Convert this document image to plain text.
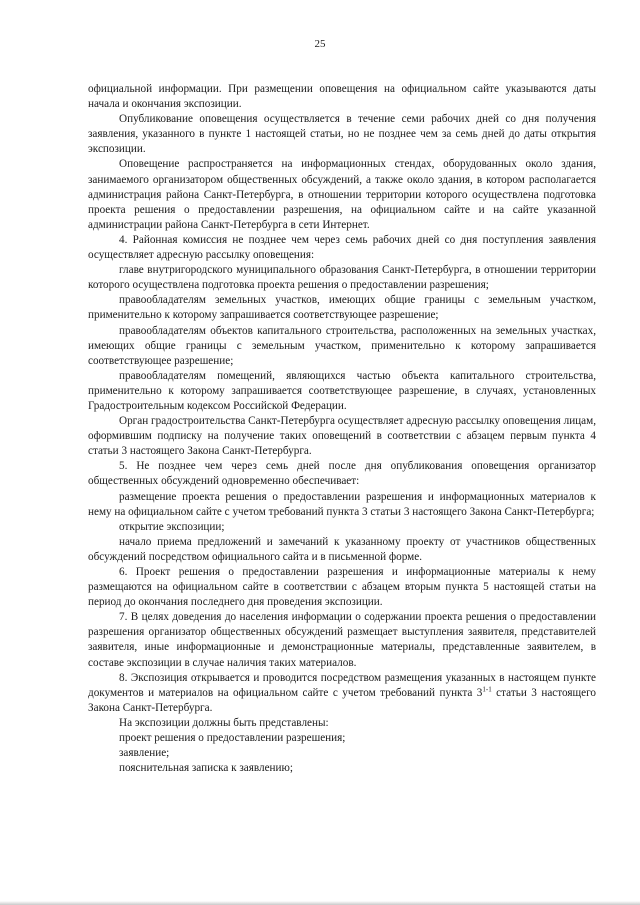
25

официальной информации. При размещении оповещения на официальном сайте указываются даты начала и окончания экспозиции.

Опубликование оповещения осуществляется в течение семи рабочих дней со дня получения заявления, указанного в пункте 1 настоящей статьи, но не позднее чем за семь дней до даты открытия экспозиции.

Оповещение распространяется на информационных стендах, оборудованных около здания, занимаемого организатором общественных обсуждений, а также около здания, в котором располагается администрация района Санкт-Петербурга, в отношении территории которого осуществлена подготовка проекта решения о предоставлении разрешения, на официальном сайте и на сайте указанной администрации района Санкт-Петербурга в сети Интернет.

4. Районная комиссия не позднее чем через семь рабочих дней со дня поступления заявления осуществляет адресную рассылку оповещения:

главе внутригородского муниципального образования Санкт-Петербурга, в отношении территории которого осуществлена подготовка проекта решения о предоставлении разрешения;

правообладателям земельных участков, имеющих общие границы с земельным участком, применительно к которому запрашивается соответствующее разрешение;

правообладателям объектов капитального строительства, расположенных на земельных участках, имеющих общие границы с земельным участком, применительно к которому запрашивается соответствующее разрешение;

правообладателям помещений, являющихся частью объекта капитального строительства, применительно к которому запрашивается соответствующее разрешение, в случаях, установленных Градостроительным кодексом Российской Федерации.

Орган градостроительства Санкт-Петербурга осуществляет адресную рассылку оповещения лицам, оформившим подписку на получение таких оповещений в соответствии с абзацем первым пункта 4 статьи 3 настоящего Закона Санкт-Петербурга.

5. Не позднее чем через семь дней после дня опубликования оповещения организатор общественных обсуждений одновременно обеспечивает:

размещение проекта решения о предоставлении разрешения и информационных материалов к нему на официальном сайте с учетом требований пункта 3 статьи 3 настоящего Закона Санкт-Петербурга;

открытие экспозиции;

начало приема предложений и замечаний к указанному проекту от участников общественных обсуждений посредством официального сайта и в письменной форме.

6. Проект решения о предоставлении разрешения и информационные материалы к нему размещаются на официальном сайте в соответствии с абзацем вторым пункта 5 настоящей статьи на период до окончания последнего дня проведения экспозиции.

7. В целях доведения до населения информации о содержании проекта решения о предоставлении разрешения организатор общественных обсуждений размещает выступления заявителя, представителей заявителя, иные информационные и демонстрационные материалы, представленные заявителем, в составе экспозиции в случае наличия таких материалов.

8. Экспозиция открывается и проводится посредством размещения указанных в настоящем пункте документов и материалов на официальном сайте с учетом требований пункта 3$^{1-1}$ статьи 3 настоящего Закона Санкт-Петербурга.

На экспозиции должны быть представлены:

проект решения о предоставлении разрешения;

заявление;

пояснительная записка к заявлению;
